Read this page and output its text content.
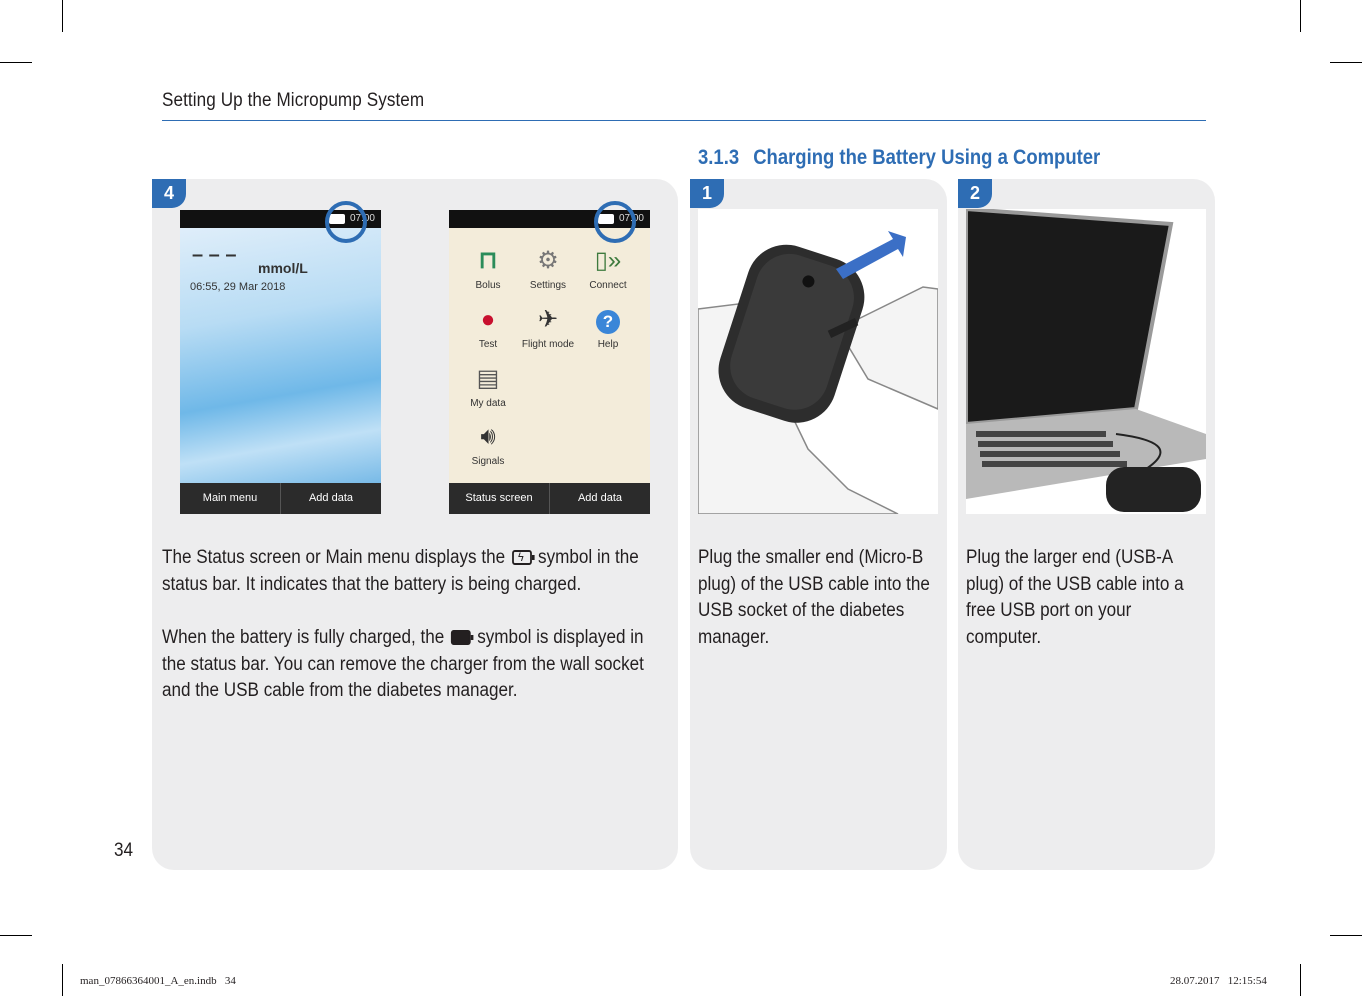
Setting Up the Micropump System
3.1.3 Charging the Battery Using a Computer
4
07:00
– – –
mmol/L
06:55, 29 Mar 2018
Main menu	Add data
07:00
⊓
Bolus
⚙
Settings
▯»
Connect
●
Test
✈
Flight mode
?
Help
▤
My data
🔊︎
Signals
Status screen	Add data

The Status screen or Main menu displays the ϟ symbol in the status bar. It indicates that the battery is being charged.

When the battery is fully charged, the symbol is displayed in the status bar. You can remove the charger from the wall socket and the USB cable from the diabetes manager.

1
Plug the smaller end (Micro-B plug) of the USB cable into the USB socket of the diabetes manager.
2
Plug the larger end (USB-A plug) of the USB cable into a free USB port on your computer.
34
man_07866364001_A_en.indb   34	28.07.2017   12:15:54
